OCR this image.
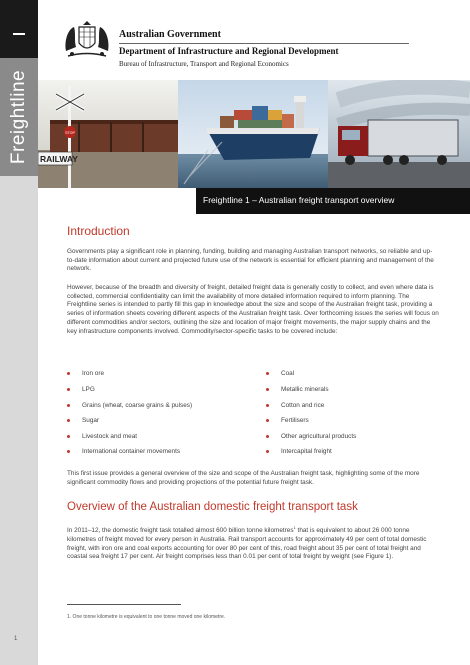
Freightline
1
Australian Government
Department of Infrastructure and Regional Development
Bureau of Infrastructure, Transport and Regional Economics
STOP
RAILWAY
Freightline 1 – Australian freight transport overview
Introduction

Governments play a significant role in planning, funding, building and managing Australian transport networks, so reliable and up-to-date information about current and projected future use of the network is essential for efficient planning and management of the network.

However, because of the breadth and diversity of freight, detailed freight data is generally costly to collect, and even where data is collected, commercial confidentiality can limit the availability of more detailed information required to inform planning. The Freightline series is intended to partly fill this gap in knowledge about the size and scope of the Australian freight task, providing a series of information sheets covering different aspects of the Australian freight task. Over forthcoming issues the series will focus on different commodities and/or sectors, outlining the size and location of major freight movements, the major supply chains and the key infrastructure components involved. Commodity/sector-specific tasks to be covered include:

Iron ore
LPG
Grains (wheat, coarse grains & pulses)
Sugar
Livestock and meat
International container movements
Coal
Metallic minerals
Cotton and rice
Fertilisers
Other agricultural products
Intercapital freight

This first issue provides a general overview of the size and scope of the Australian freight task, highlighting some of the more significant commodity flows and providing projections of the potential future freight task.

Overview of the Australian domestic freight transport task

In 2011–12, the domestic freight task totalled almost 600 billion tonne kilometres$^1$ that is equivalent to about 26 000 tonne kilometres of freight moved for every person in Australia. Rail transport accounts for approximately 49 per cent of total domestic freight, with iron ore and coal exports accounting for over 80 per cent of this, road freight about 35 per cent of total freight and coastal sea freight 17 per cent. Air freight comprises less than 0.01 per cent of total freight by weight (see Figure 1).

1. One tonne kilometre is equivalent to one tonne moved one kilometre.
